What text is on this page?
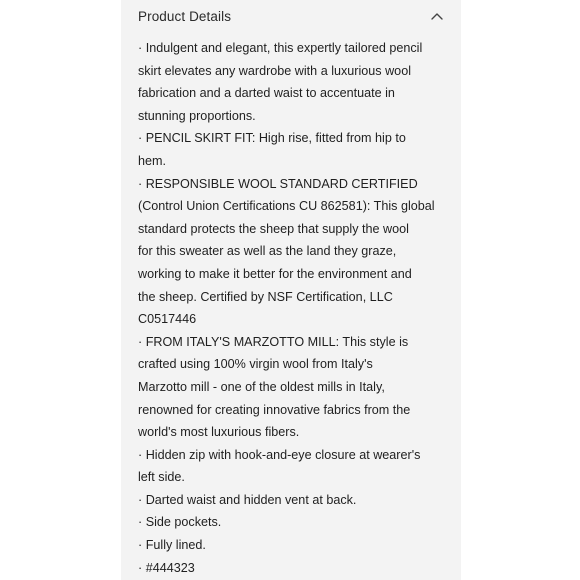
Product Details
· Indulgent and elegant, this expertly tailored pencil
skirt elevates any wardrobe with a luxurious wool
fabrication and a darted waist to accentuate in
stunning proportions.
· PENCIL SKIRT FIT: High rise, fitted from hip to
hem.
· RESPONSIBLE WOOL STANDARD CERTIFIED
(Control Union Certifications CU 862581): This global
standard protects the sheep that supply the wool
for this sweater as well as the land they graze,
working to make it better for the environment and
the sheep. Certified by NSF Certification, LLC
C0517446
· FROM ITALY'S MARZOTTO MILL: This style is
crafted using 100% virgin wool from Italy's
Marzotto mill - one of the oldest mills in Italy,
renowned for creating innovative fabrics from the
world's most luxurious fibers.
· Hidden zip with hook-and-eye closure at wearer's
left side.
· Darted waist and hidden vent at back.
· Side pockets.
· Fully lined.
· #444323
